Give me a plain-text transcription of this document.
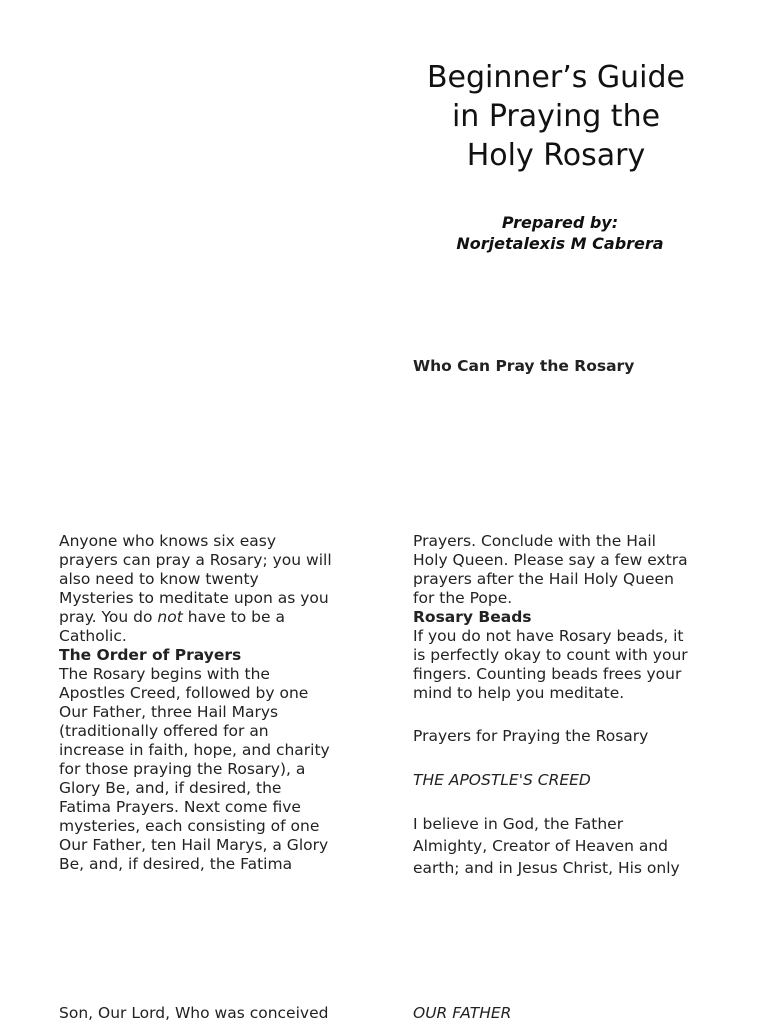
Beginner’s Guide
in Praying the
Holy Rosary
Prepared by:
Norjetalexis M Cabrera
Who Can Pray the Rosary
Anyone who knows six easy
prayers can pray a Rosary; you will
also need to know twenty
Mysteries to meditate upon as you
pray. You do not have to be a
Catholic.
The Order of Prayers
The Rosary begins with the
Apostles Creed, followed by one
Our Father, three Hail Marys
(traditionally offered for an
increase in faith, hope, and charity
for those praying the Rosary), a
Glory Be, and, if desired, the
Fatima Prayers. Next come five
mysteries, each consisting of one
Our Father, ten Hail Marys, a Glory
Be, and, if desired, the Fatima
Prayers. Conclude with the Hail
Holy Queen. Please say a few extra
prayers after the Hail Holy Queen
for the Pope.
Rosary Beads
If you do not have Rosary beads, it
is perfectly okay to count with your
fingers. Counting beads frees your
mind to help you meditate.
Prayers for Praying the Rosary
THE APOSTLE'S CREED
I believe in God, the Father
Almighty, Creator of Heaven and
earth; and in Jesus Christ, His only
Son, Our Lord, Who was conceived	OUR FATHER
